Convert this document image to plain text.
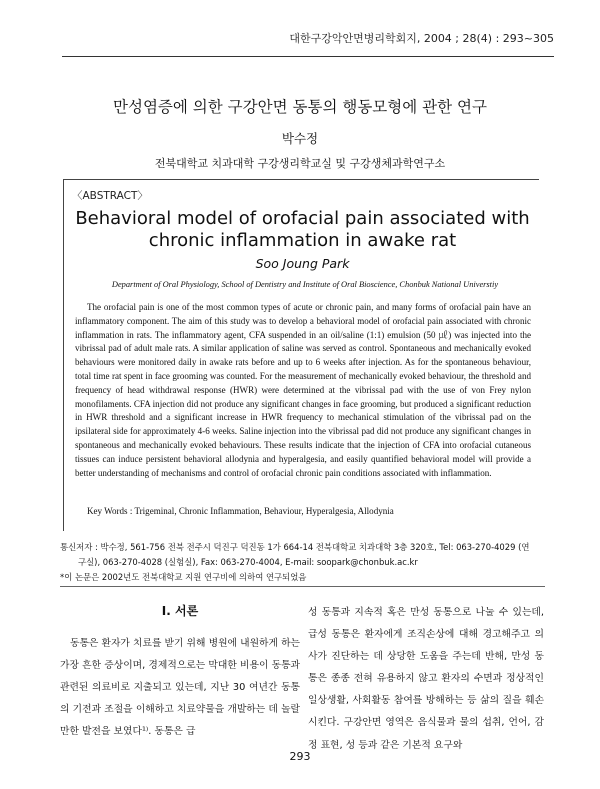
대한구강악안면병리학회지, 2004 ; 28(4) : 293~305
만성염증에 의한 구강안면 동통의 행동모형에 관한 연구
박수정
전북대학교 치과대학 구강생리학교실 및 구강생체과학연구소
〈ABSTRACT〉
Behavioral model of orofacial pain associated with chronic inflammation in awake rat
Soo Joung Park
Department of Oral Physiology, School of Dentistry and Institute of Oral Bioscience, Chonbuk National Universtiy

The orofacial pain is one of the most common types of acute or chronic pain, and many forms of orofacial pain have an inflammatory component. The aim of this study was to develop a behavioral model of orofacial pain associated with chronic inflammation in rats. The inflammatory agent, CFA suspended in an oil/saline (1:1) emulsion (50 ㎕) was injected into the vibrissal pad of adult male rats. A similar application of saline was served as control. Spontaneous and mechanically evoked behaviours were monitored daily in awake rats before and up to 6 weeks after injection. As for the spontaneous behaviour, total time rat spent in face grooming was counted. For the measurement of mechanically evoked behaviour, the threshold and frequency of head withdrawal response (HWR) were determined at the vibrissal pad with the use of von Frey nylon monofilaments. CFA injection did not produce any significant changes in face grooming, but produced a significant reduction in HWR threshold and a significant increase in HWR frequency to mechanical stimulation of the vibrissal pad on the ipsilateral side for approximately 4-6 weeks. Saline injection into the vibrissal pad did not produce any significant changes in spontaneous and mechanically evoked behaviours. These results indicate that the injection of CFA into orofacial cutaneous tissues can induce persistent behavioral allodynia and hyperalgesia, and easily quantified behavioral model will provide a better understanding of mechanisms and control of orofacial chronic pain conditions associated with inflammation.

Key Words : Trigeminal, Chronic Inflammation, Behaviour, Hyperalgesia, Allodynia
통신저자 : 박수정, 561-756 전북 전주시 덕진구 덕진동 1가 664-14 전북대학교 치과대학 3층 320호, Tel: 063-270-4029 (연
구실), 063-270-4028 (실험실), Fax: 063-270-4004, E-mail: soopark@chonbuk.ac.kr
*이 논문은 2002년도 전북대학교 지원 연구비에 의하여 연구되었음
I. 서론

동통은 환자가 치료를 받기 위해 병원에 내원하게 하는 가장 흔한 증상이며, 경제적으로는 막대한 비용이 동통과 관련된 의료비로 지출되고 있는데, 지난 30 여년간 동통의 기전과 조절을 이해하고 치료약물을 개발하는 데 놀랄만한 발전을 보였다¹⁾. 동통은 급

성 동통과 지속적 혹은 만성 동통으로 나눌 수 있는데, 급성 동통은 환자에게 조직손상에 대해 경고해주고 의사가 진단하는 데 상당한 도움을 주는데 반해, 만성 동통은 종종 전혀 유용하지 않고 환자의 수면과 정상적인 일상생활, 사회활동 참여를 방해하는 등 삶의 질을 훼손시킨다. 구강안면 영역은 음식물과 물의 섭취, 언어, 감정 표현, 성 등과 같은 기본적 요구와

293
